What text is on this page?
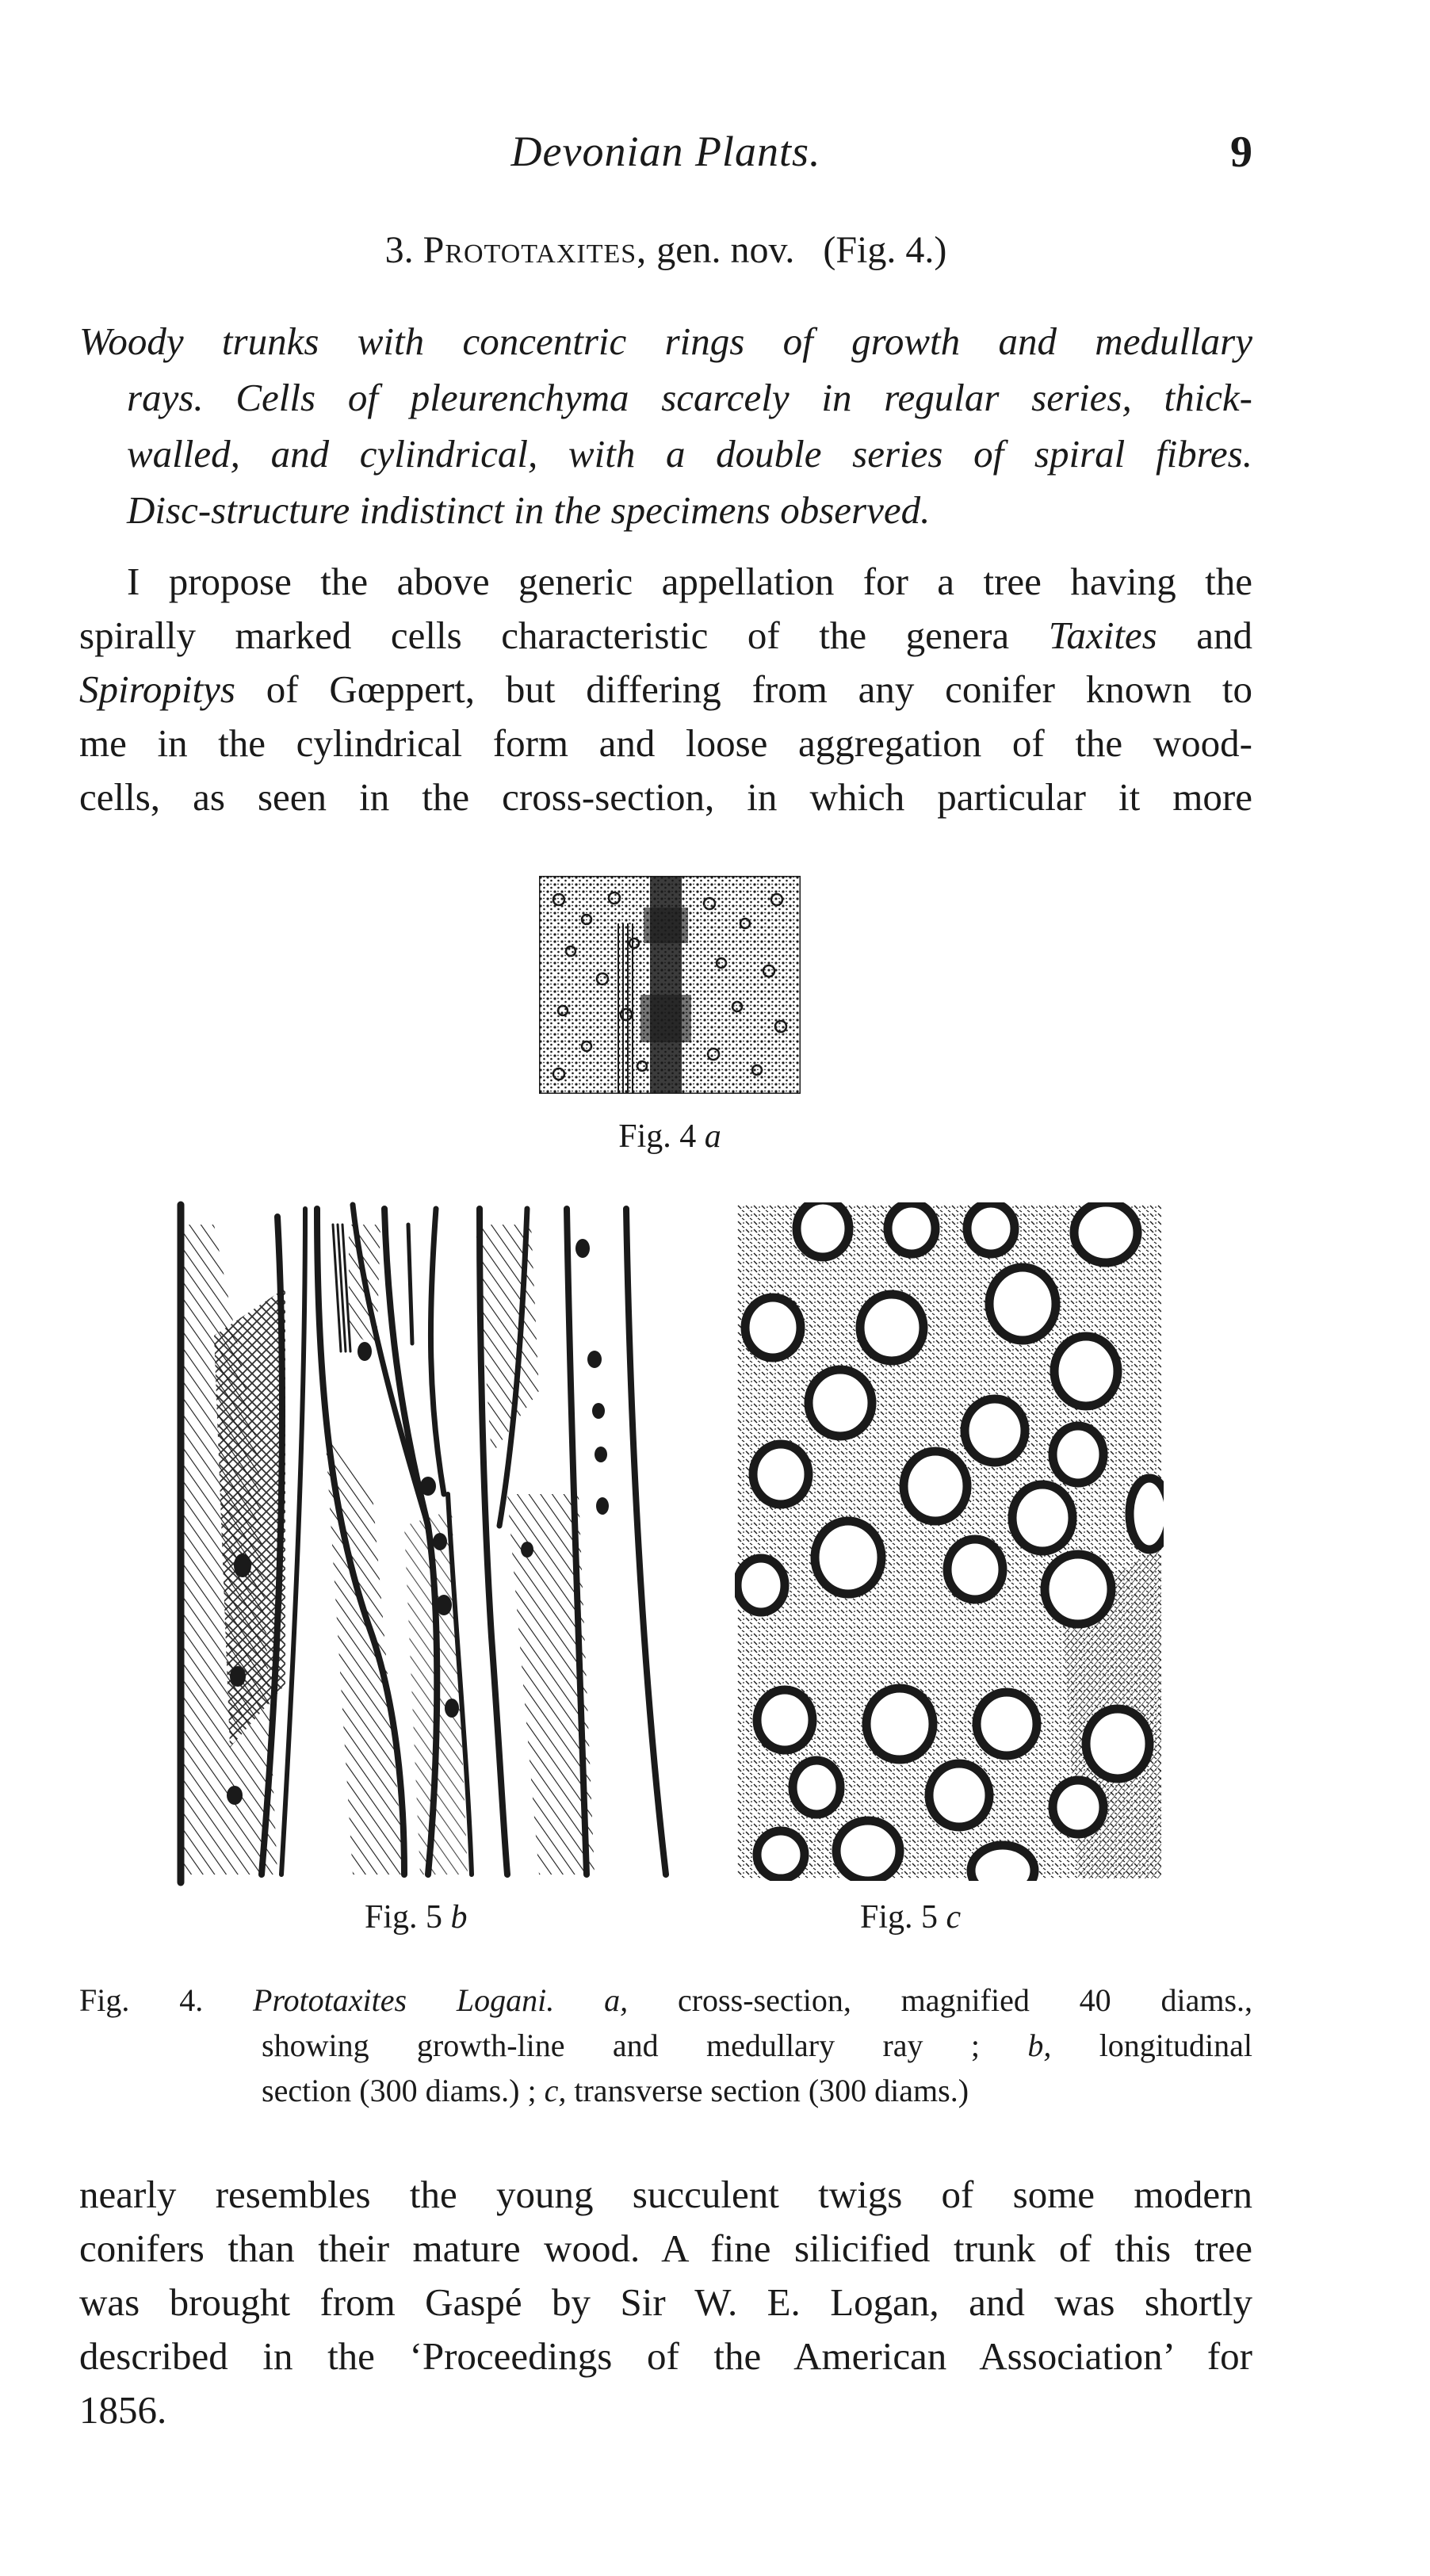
Devonian Plants.	9
3. Prototaxites, gen. nov. (Fig. 4.)
Woody trunks with concentric rings of growth and medullary
rays. Cells of pleurenchyma scarcely in regular series, thick-
walled, and cylindrical, with a double series of spiral fibres.
Disc-structure indistinct in the specimens observed.
I propose the above generic appellation for a tree having the
spirally marked cells characteristic of the genera Taxites and
Spiropitys of Gœppert, but differing from any conifer known to
me in the cylindrical form and loose aggregation of the wood-
cells, as seen in the cross-section, in which particular it more
Fig. 4 a
Fig. 5 b	Fig. 5 c
Fig. 4. Prototaxites Logani. a, cross-section, magnified 40 diams.,
showing growth-line and medullary ray ; b, longitudinal
section (300 diams.) ; c, transverse section (300 diams.)
nearly resembles the young succulent twigs of some modern
conifers than their mature wood. A fine silicified trunk of this tree
was brought from Gaspé by Sir W. E. Logan, and was shortly
described in the ‘Proceedings of the American Association’ for
1856.
